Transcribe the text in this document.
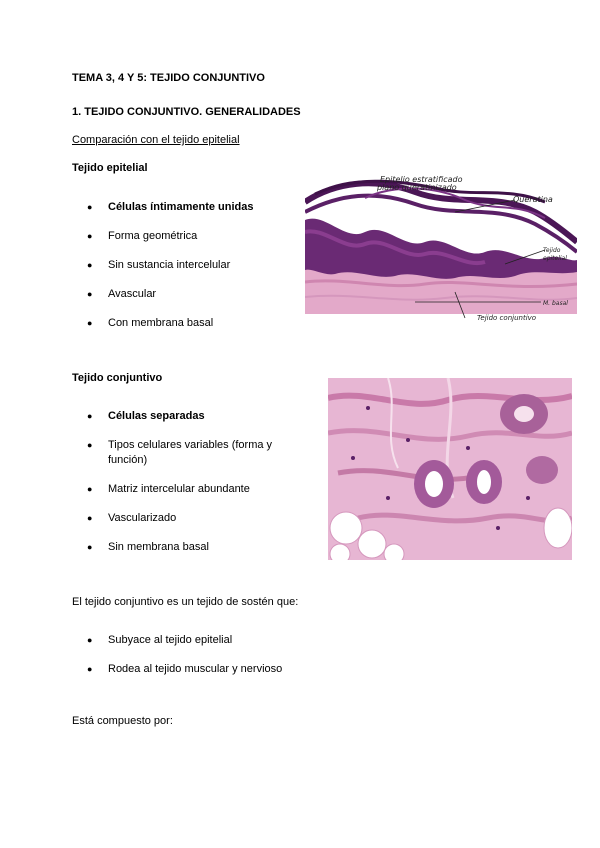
TEMA 3, 4 Y 5: TEJIDO CONJUNTIVO
1. TEJIDO CONJUNTIVO. GENERALIDADES
Comparación con el tejido epitelial
Tejido epitelial
● Células íntimamente unidas
● Forma geométrica
● Sin sustancia intercelular
● Avascular
● Con membrana basal
Epitelio estratificado
plano queratinizado
Queratina
Tejido
epitelial
M. basal
Tejido conjuntivo
Tejido conjuntivo
● Células separadas
● Tipos celulares variables (forma y función)
● Matriz intercelular abundante
● Vascularizado
● Sin membrana basal
El tejido conjuntivo es un tejido de sostén que:
● Subyace al tejido epitelial
● Rodea al tejido muscular y nervioso
Está compuesto por:
